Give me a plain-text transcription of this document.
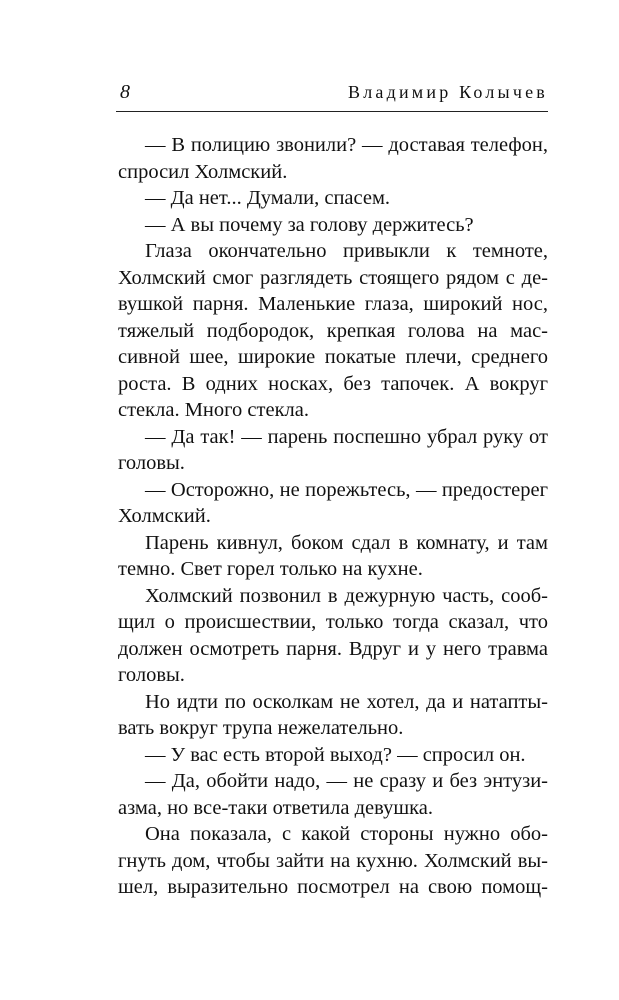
8	Владимир Колычев
— В полицию звонили? — доставая телефон,
спросил Холмский.
— Да нет... Думали, спасем.
— А вы почему за голову держитесь?
Глаза окончательно привыкли к темноте,
Холмский смог разглядеть стоящего рядом с де-
вушкой парня. Маленькие глаза, широкий нос,
тяжелый подбородок, крепкая голова на мас-
сивной шее, широкие покатые плечи, среднего
роста. В одних носках, без тапочек. А вокруг
стекла. Много стекла.
— Да так! — парень поспешно убрал руку от
головы.
— Осторожно, не порежьтесь, — предостерег
Холмский.
Парень кивнул, боком сдал в комнату, и там
темно. Свет горел только на кухне.
Холмский позвонил в дежурную часть, сооб-
щил о происшествии, только тогда сказал, что
должен осмотреть парня. Вдруг и у него травма
головы.
Но идти по осколкам не хотел, да и натапты-
вать вокруг трупа нежелательно.
— У вас есть второй выход? — спросил он.
— Да, обойти надо, — не сразу и без энтузи-
азма, но все-таки ответила девушка.
Она показала, с какой стороны нужно обо-
гнуть дом, чтобы зайти на кухню. Холмский вы-
шел, выразительно посмотрел на свою помощ-
